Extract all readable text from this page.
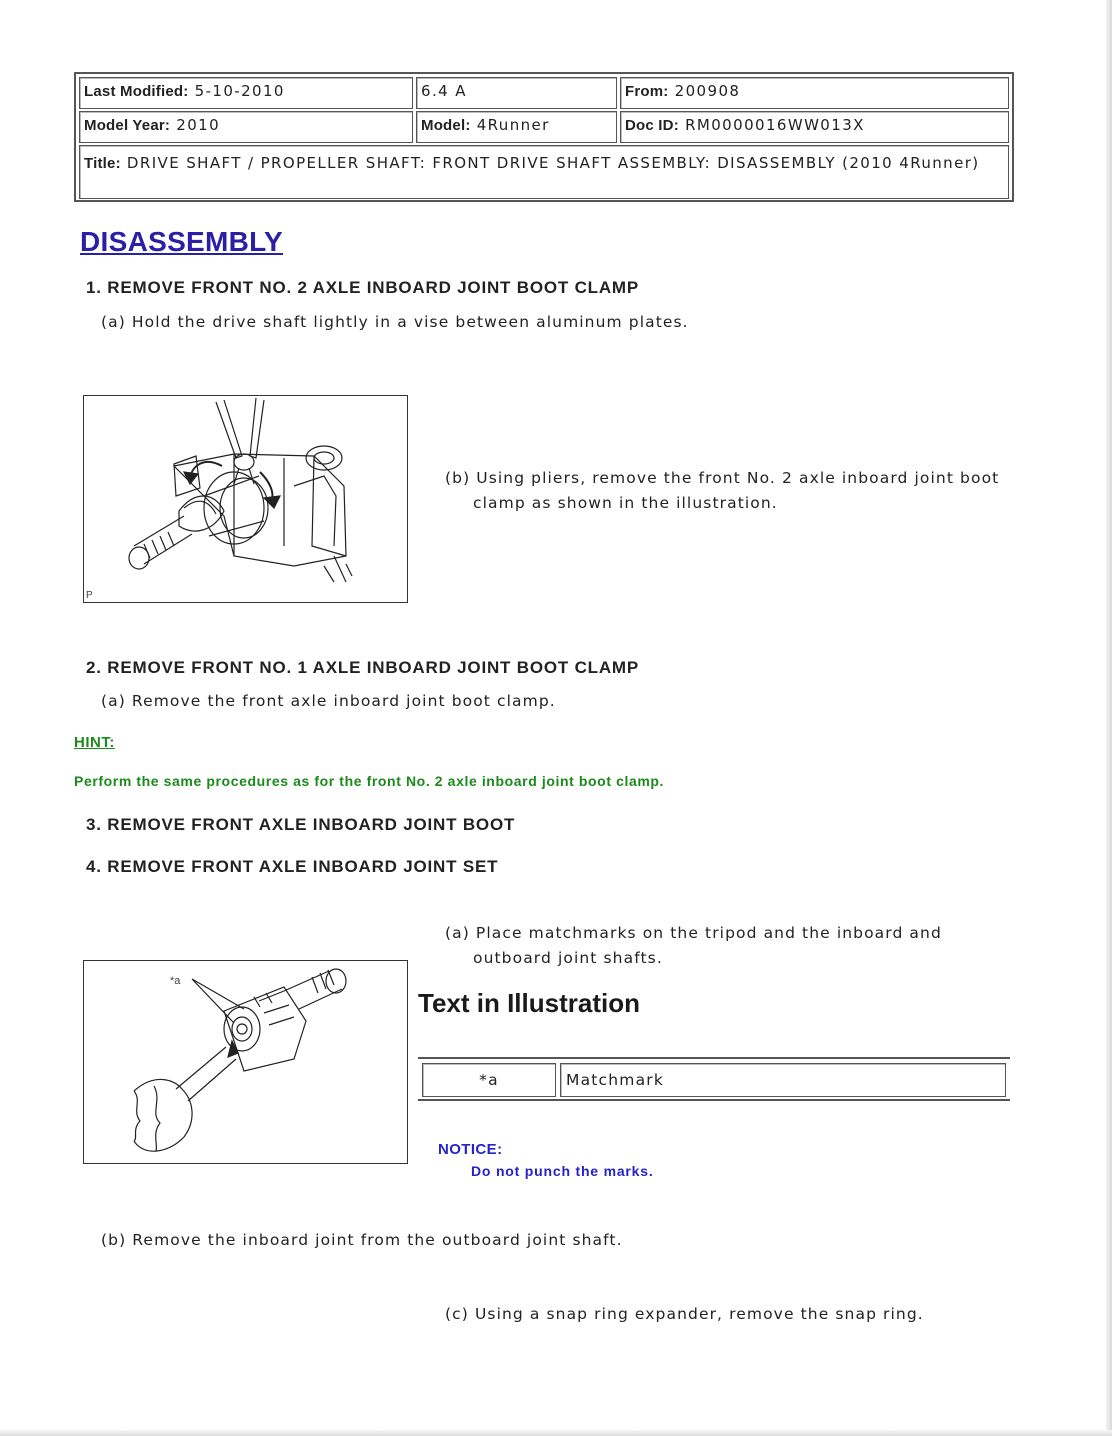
Last Modified: 5-10-2010	6.4 A	From: 200908
Model Year: 2010	Model: 4Runner	Doc ID: RM0000016WW013X
Title: DRIVE SHAFT / PROPELLER SHAFT: FRONT DRIVE SHAFT ASSEMBLY: DISASSEMBLY (2010 4Runner)
DISASSEMBLY
1. REMOVE FRONT NO. 2 AXLE INBOARD JOINT BOOT CLAMP
(a) Hold the drive shaft lightly in a vise between aluminum plates.
P
(b) Using pliers, remove the front No. 2 axle inboard joint boot clamp as shown in the illustration.
2. REMOVE FRONT NO. 1 AXLE INBOARD JOINT BOOT CLAMP
(a) Remove the front axle inboard joint boot clamp.
HINT:
Perform the same procedures as for the front No. 2 axle inboard joint boot clamp.
3. REMOVE FRONT AXLE INBOARD JOINT BOOT
4. REMOVE FRONT AXLE INBOARD JOINT SET
(a) Place matchmarks on the tripod and the inboard and outboard joint shafts.
*a
Text in Illustration
*a	Matchmark
NOTICE:
Do not punch the marks.
(b) Remove the inboard joint from the outboard joint shaft.
(c) Using a snap ring expander, remove the snap ring.
